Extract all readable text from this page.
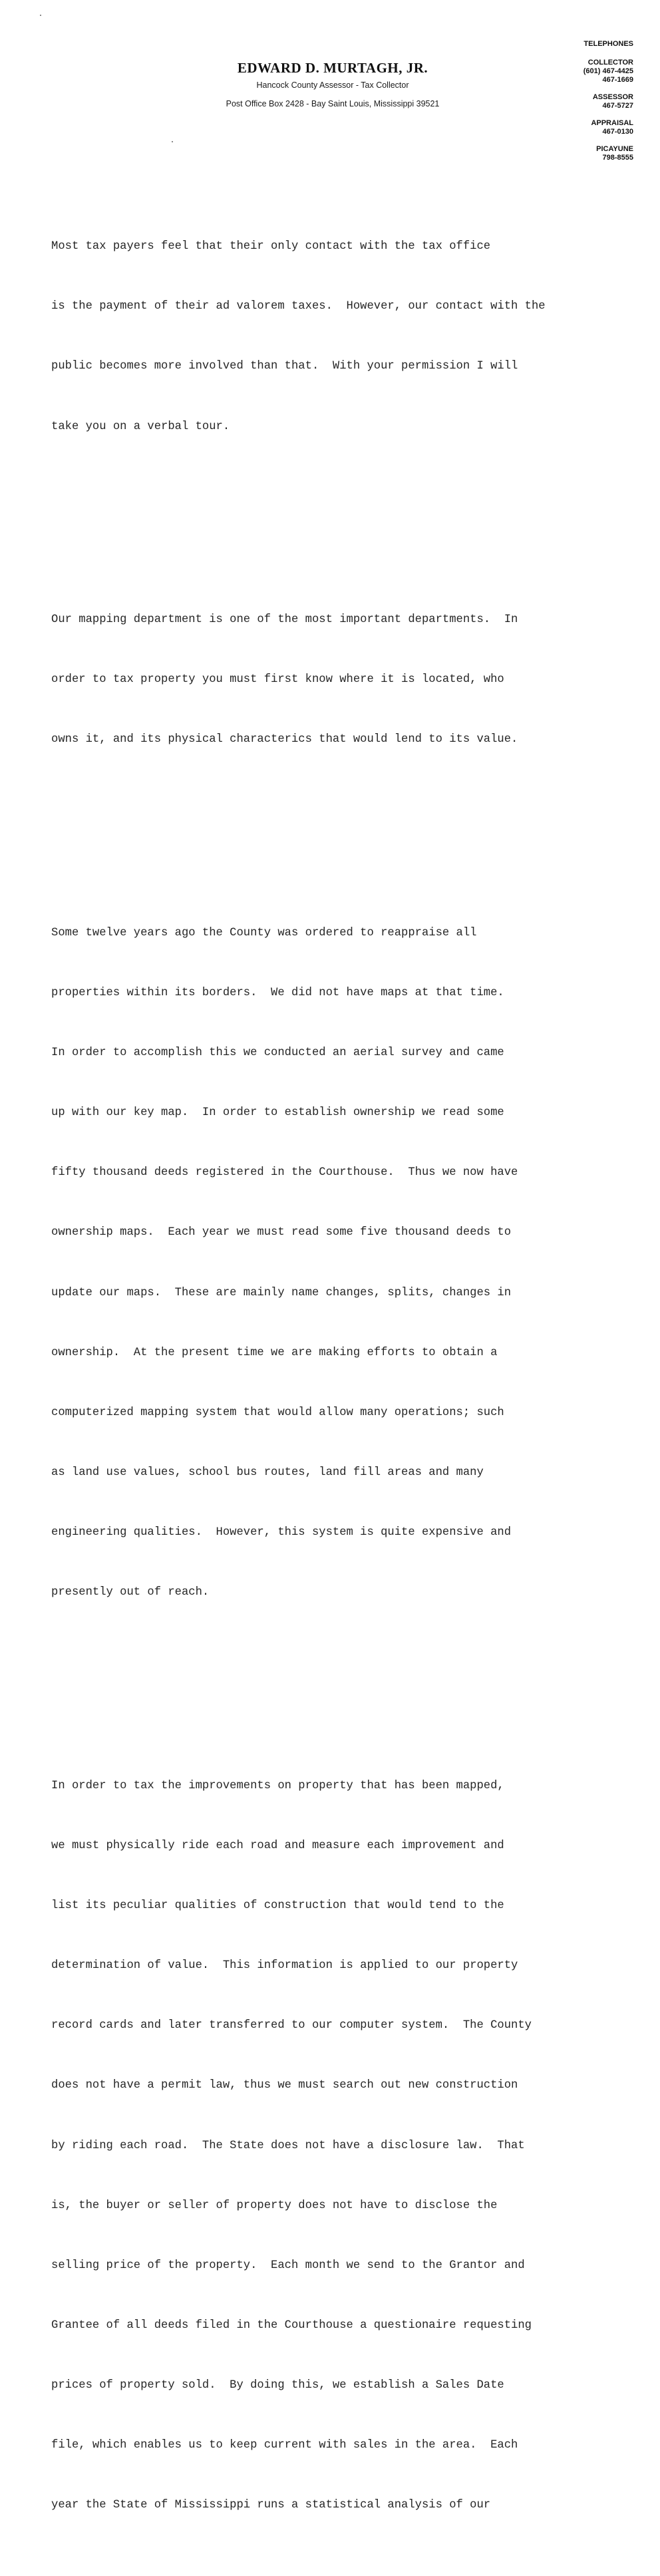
EDWARD D. MURTAGH, JR.
Hancock County Assessor - Tax Collector
Post Office Box 2428 - Bay Saint Louis, Mississippi 39521
TELEPHONES
COLLECTOR
(601) 467-4425
467-1669
ASSESSOR
467-5727
APPRAISAL
467-0130
PICAYUNE
798-8555

Most tax payers feel that their only contact with the tax office

is the payment of their ad valorem taxes.  However, our contact with the

public becomes more involved than that.  With your permission I will

take you on a verbal tour.

Our mapping department is one of the most important departments.  In

order to tax property you must first know where it is located, who

owns it, and its physical characterics that would lend to its value.

Some twelve years ago the County was ordered to reappraise all

properties within its borders.  We did not have maps at that time.

In order to accomplish this we conducted an aerial survey and came

up with our key map.  In order to establish ownership we read some

fifty thousand deeds registered in the Courthouse.  Thus we now have

ownership maps.  Each year we must read some five thousand deeds to

update our maps.  These are mainly name changes, splits, changes in

ownership.  At the present time we are making efforts to obtain a

computerized mapping system that would allow many operations; such

as land use values, school bus routes, land fill areas and many

engineering qualities.  However, this system is quite expensive and

presently out of reach.

In order to tax the improvements on property that has been mapped,

we must physically ride each road and measure each improvement and

list its peculiar qualities of construction that would tend to the

determination of value.  This information is applied to our property

record cards and later transferred to our computer system.  The County

does not have a permit law, thus we must search out new construction

by riding each road.  The State does not have a disclosure law.  That

is, the buyer or seller of property does not have to disclose the

selling price of the property.  Each month we send to the Grantor and

Grantee of all deeds filed in the Courthouse a questionaire requesting

prices of property sold.  By doing this, we establish a Sales Date

file, which enables us to keep current with sales in the area.  Each

year the State of Mississippi runs a statistical analysis of our
